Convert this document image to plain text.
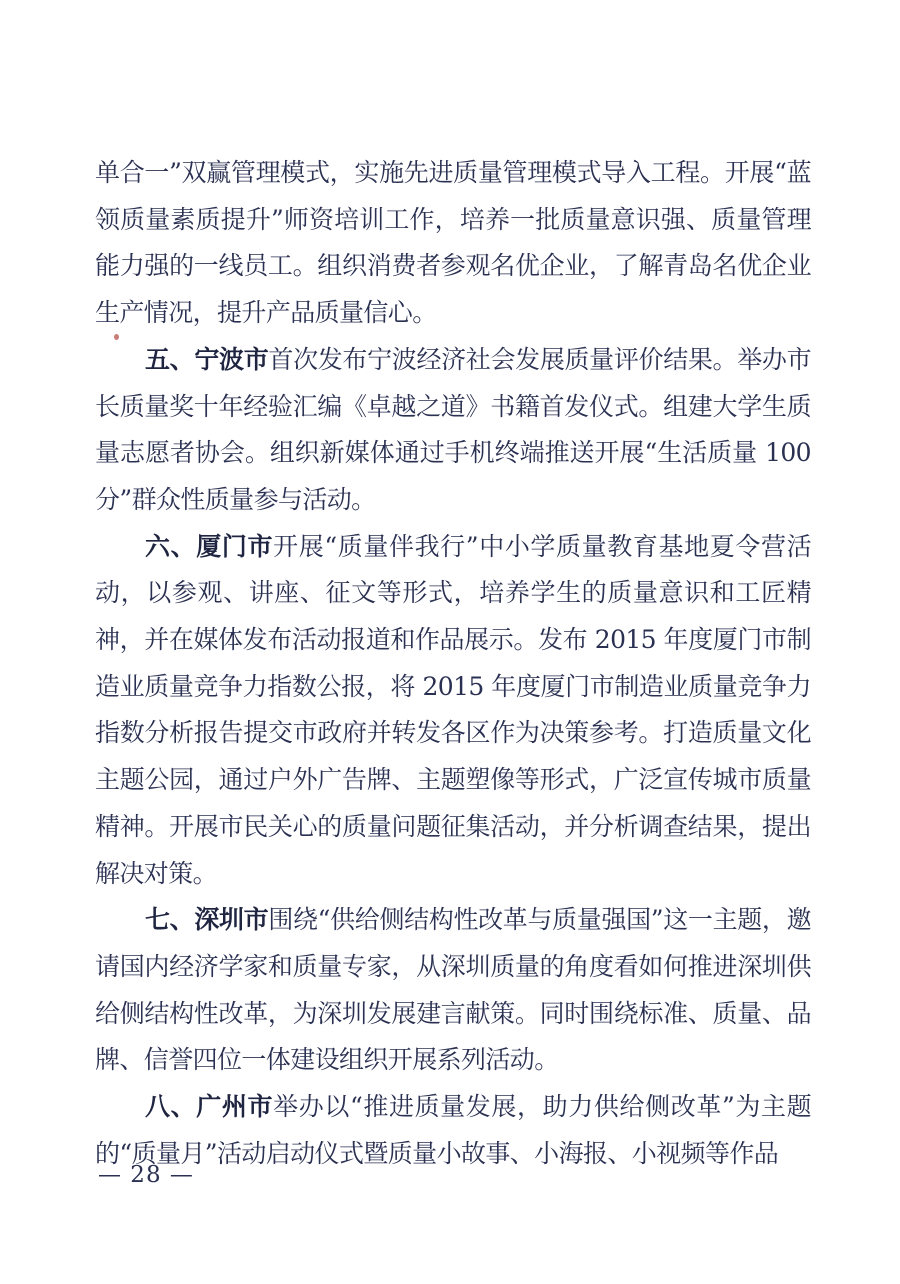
单合一”双赢管理模式，实施先进质量管理模式导入工程。开展“蓝领质量素质提升”师资培训工作，培养一批质量意识强、质量管理能力强的一线员工。组织消费者参观名优企业，了解青岛名优企业生产情况，提升产品质量信心。

五、宁波市首次发布宁波经济社会发展质量评价结果。举办市长质量奖十年经验汇编《卓越之道》书籍首发仪式。组建大学生质量志愿者协会。组织新媒体通过手机终端推送开展“生活质量 100 分”群众性质量参与活动。

六、厦门市开展“质量伴我行”中小学质量教育基地夏令营活动，以参观、讲座、征文等形式，培养学生的质量意识和工匠精神，并在媒体发布活动报道和作品展示。发布 2015 年度厦门市制造业质量竞争力指数公报，将 2015 年度厦门市制造业质量竞争力指数分析报告提交市政府并转发各区作为决策参考。打造质量文化主题公园，通过户外广告牌、主题塑像等形式，广泛宣传城市质量精神。开展市民关心的质量问题征集活动，并分析调查结果，提出解决对策。

七、深圳市围绕“供给侧结构性改革与质量强国”这一主题，邀请国内经济学家和质量专家，从深圳质量的角度看如何推进深圳供给侧结构性改革，为深圳发展建言献策。同时围绕标准、质量、品牌、信誉四位一体建设组织开展系列活动。

八、广州市举办以“推进质量发展，助力供给侧改革”为主题的“质量月”活动启动仪式暨质量小故事、小海报、小视频等作品

— 28 —
